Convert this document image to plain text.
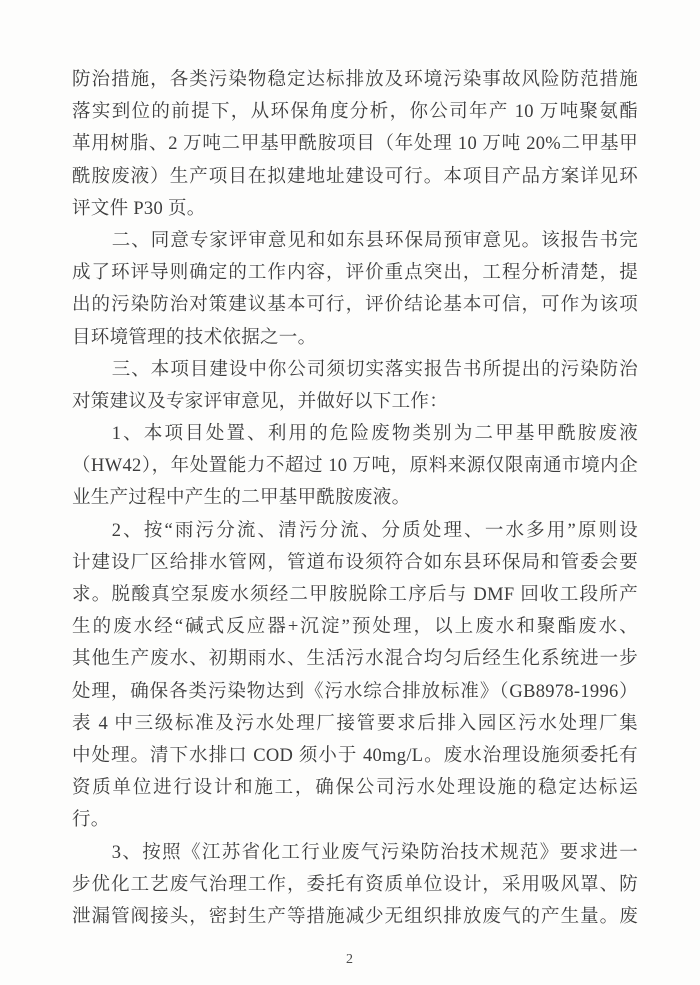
防治措施，各类污染物稳定达标排放及环境污染事故风险防范措施
落实到位的前提下，从环保角度分析，你公司年产 10 万吨聚氨酯
革用树脂、2 万吨二甲基甲酰胺项目（年处理 10 万吨 20%二甲基甲
酰胺废液）生产项目在拟建地址建设可行。本项目产品方案详见环
评文件 P30 页。
二、同意专家评审意见和如东县环保局预审意见。该报告书完
成了环评导则确定的工作内容，评价重点突出，工程分析清楚，提
出的污染防治对策建议基本可行，评价结论基本可信，可作为该项
目环境管理的技术依据之一。
三、本项目建设中你公司须切实落实报告书所提出的污染防治
对策建议及专家评审意见，并做好以下工作：
1、本项目处置、利用的危险废物类别为二甲基甲酰胺废液
（HW42），年处置能力不超过 10 万吨，原料来源仅限南通市境内企
业生产过程中产生的二甲基甲酰胺废液。
2、按“雨污分流、清污分流、分质处理、一水多用”原则设
计建设厂区给排水管网，管道布设须符合如东县环保局和管委会要
求。脱酸真空泵废水须经二甲胺脱除工序后与 DMF 回收工段所产
生的废水经“碱式反应器+沉淀”预处理，以上废水和聚酯废水、
其他生产废水、初期雨水、生活污水混合均匀后经生化系统进一步
处理，确保各类污染物达到《污水综合排放标准》（GB8978-1996）
表 4 中三级标准及污水处理厂接管要求后排入园区污水处理厂集
中处理。清下水排口 COD 须小于 40mg/L。废水治理设施须委托有
资质单位进行设计和施工，确保公司污水处理设施的稳定达标运
行。
3、按照《江苏省化工行业废气污染防治技术规范》要求进一
步优化工艺废气治理工作，委托有资质单位设计，采用吸风罩、防
泄漏管阀接头，密封生产等措施减少无组织排放废气的产生量。废
2
